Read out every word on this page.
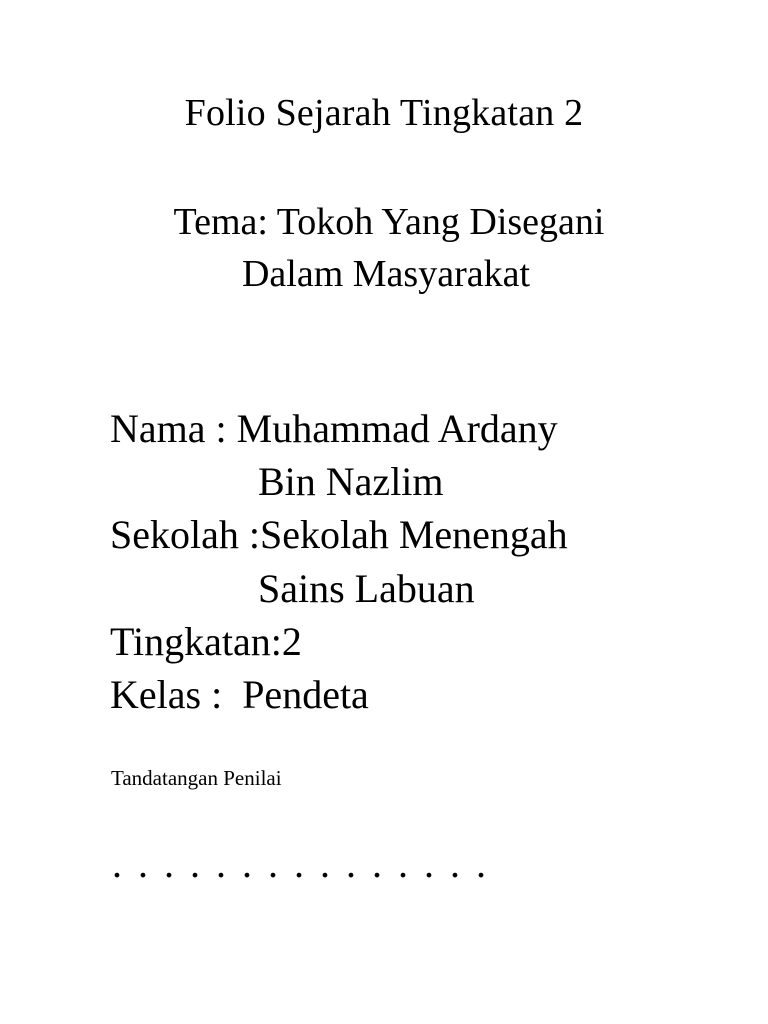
Folio Sejarah Tingkatan 2
Tema: Tokoh Yang Disegani
Dalam Masyarakat
Nama : Muhammad Ardany
Bin Nazlim
Sekolah :Sekolah Menengah
Sains Labuan
Tingkatan:2
Kelas :  Pendeta
Tandatangan Penilai
. . . . . . . . . . . . . . .
